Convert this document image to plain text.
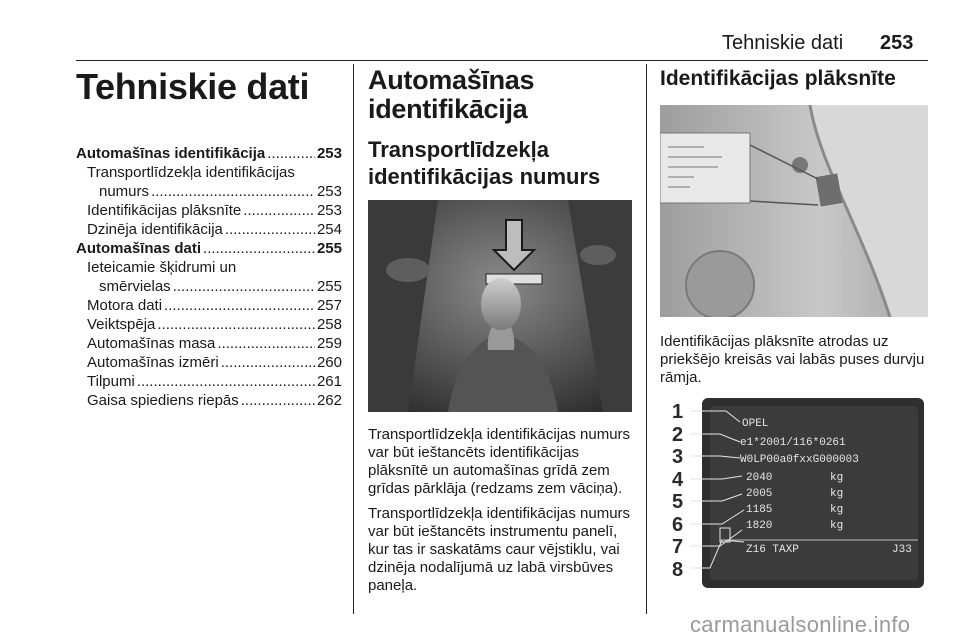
Tehniskie dati 253
Tehniskie dati
Automašīnas identifikācija .....	253
Transportlīdzekļa identifikācijas
numurs .....	253
Identifikācijas plāksnīte .....	253
Dzinēja identifikācija .....	254
Automašīnas dati .....	255
Ieteicamie šķidrumi un
smērvielas .....	255
Motora dati .....	257
Veiktspēja .....	258
Automašīnas masa .....	259
Automašīnas izmēri .....	260
Tilpumi .....	261
Gaisa spiediens riepās .....	262
Automašīnas
identifikācija
Transportlīdzekļa
identifikācijas numurs

Transportlīdzekļa identifikācijas numurs var būt ieštancēts identifikācijas plāksnītē un automašīnas grīdā zem grīdas pārklāja (redzams zem vāciņa).

Transportlīdzekļa identifikācijas numurs var būt ieštancēts instrumentu panelī, kur tas ir saskatāms caur vējstiklu, vai dzinēja nodalījumā uz labā virsbūves paneļa.

Identifikācijas plāksnīte
Identifikācijas plāksnīte atrodas uz priekšējo kreisās vai labās puses durvju rāmja.
1
2
3
4
5
6
7
8
OPEL
e1*2001/116*0261
W0LP00a0fxxG000003
2040
2005
1185
1820
kg
kg
kg
kg
Z16 TAXP	J33
carmanualsonline.info
